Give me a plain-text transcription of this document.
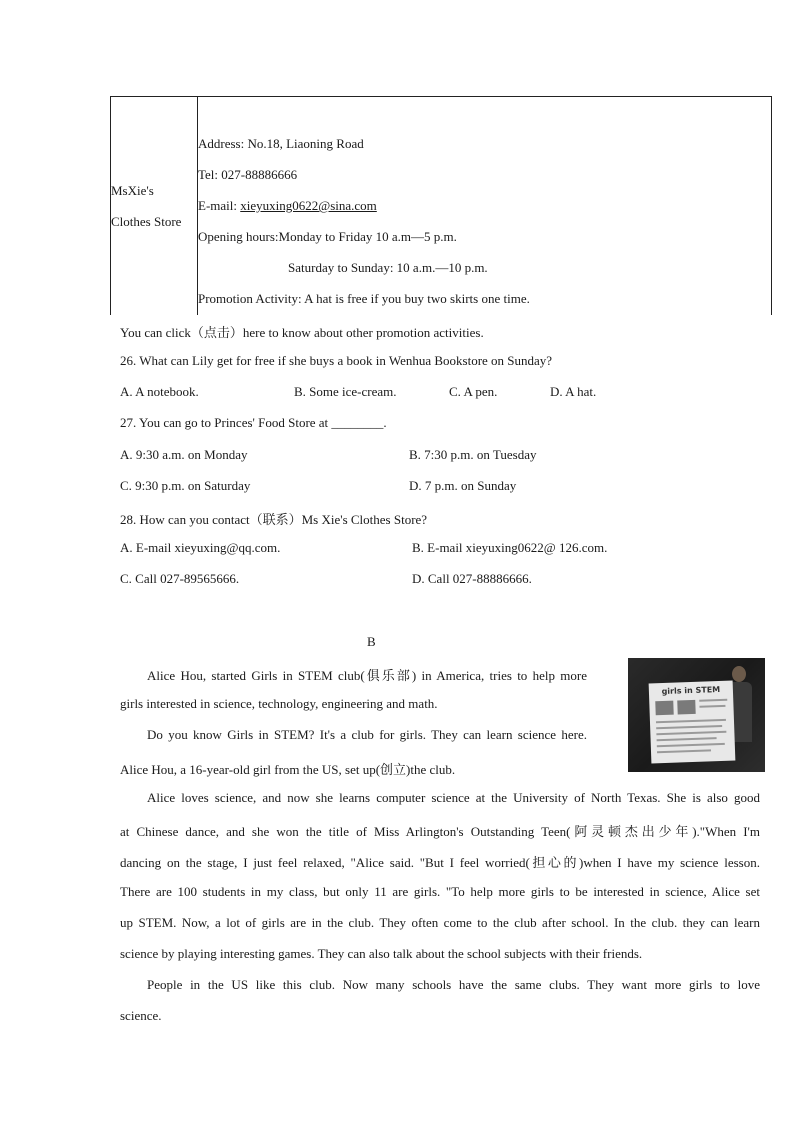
MsXie's
Clothes Store
Address: No.18, Liaoning Road
Tel: 027-88886666
E-mail: xieyuxing0622@sina.com
Opening hours:Monday to Friday 10 a.m—5 p.m.
Saturday to Sunday: 10 a.m.—10 p.m.
Promotion Activity: A hat is free if you buy two skirts one time.
You can click（点击）here to know about other promotion activities.
26. What can Lily get for free if she buys a book in Wenhua Bookstore on Sunday?
A. A notebook.	B. Some ice-cream.	C. A pen.	D. A hat.
27. You can go to Princes' Food Store at ________.
A. 9:30 a.m. on Monday	B. 7:30 p.m. on Tuesday
C. 9:30 p.m. on Saturday	D. 7 p.m. on Sunday
28. How can you contact（联系）Ms Xie's Clothes Store?
A. E-mail xieyuxing@qq.com.	B. E-mail xieyuxing0622@ 126.com.
C. Call 027-89565666.	D. Call 027-88886666.
B
Alice Hou, started Girls in STEM club(俱乐部) in America, tries to help more
girls interested in science, technology, engineering and math.
Do you know Girls in STEM? It's a club for girls. They can learn science here.
Alice Hou, a 16-year-old girl from the US, set up(创立)the club.
Alice loves science, and now she learns computer science at the University of North Texas. She is also good
at Chinese dance, and she won the title of Miss Arlington's Outstanding Teen(阿灵顿杰出少年)."When I'm
dancing on the stage, I just feel relaxed, "Alice said. "But I feel worried(担心的)when I have my science lesson.
There are 100 students in my class, but only 11 are girls. "To help more girls to be interested in science, Alice set
up STEM. Now, a lot of girls are in the club. They often come to the club after school. In the club. they can learn
science by playing interesting games. They can also talk about the school subjects with their friends.
People in the US like this club. Now many schools have the same clubs. They want more girls to love
science.
girls in STEM
